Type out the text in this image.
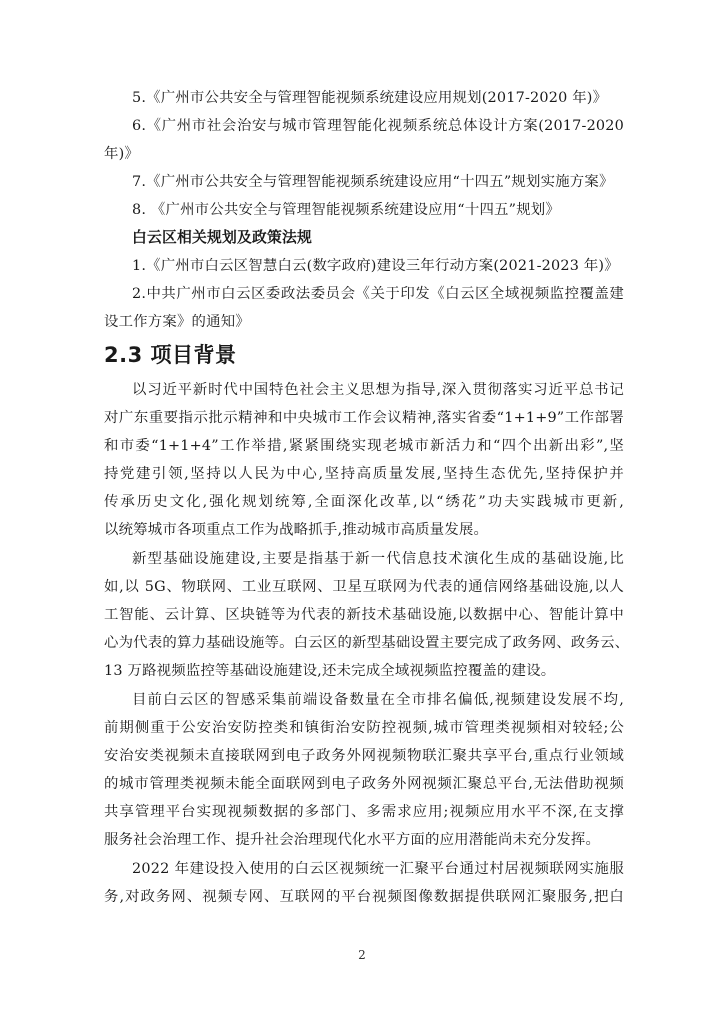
5.《广州市公共安全与管理智能视频系统建设应用规划(2017-2020 年)》
6.《广州市社会治安与城市管理智能化视频系统总体设计方案(2017-2020
年)》
7.《广州市公共安全与管理智能视频系统建设应用“十四五”规划实施方案》
8. 《广州市公共安全与管理智能视频系统建设应用“十四五”规划》
白云区相关规划及政策法规
1.《广州市白云区智慧白云(数字政府)建设三年行动方案(2021-2023 年)》
2.中共广州市白云区委政法委员会《关于印发《白云区全域视频监控覆盖建
设工作方案》的通知》
2.3 项目背景
以习近平新时代中国特色社会主义思想为指导,深入贯彻落实习近平总书记
对广东重要指示批示精神和中央城市工作会议精神,落实省委“1+1+9”工作部署
和市委“1+1+4”工作举措,紧紧围绕实现老城市新活力和“四个出新出彩”,坚
持党建引领,坚持以人民为中心,坚持高质量发展,坚持生态优先,坚持保护并
传承历史文化,强化规划统筹,全面深化改革,以“绣花”功夫实践城市更新,
以统筹城市各项重点工作为战略抓手,推动城市高质量发展。
新型基础设施建设,主要是指基于新一代信息技术演化生成的基础设施,比
如,以 5G、物联网、工业互联网、卫星互联网为代表的通信网络基础设施,以人
工智能、云计算、区块链等为代表的新技术基础设施,以数据中心、智能计算中
心为代表的算力基础设施等。白云区的新型基础设置主要完成了政务网、政务云、
13 万路视频监控等基础设施建设,还未完成全域视频监控覆盖的建设。
目前白云区的智感采集前端设备数量在全市排名偏低,视频建设发展不均,
前期侧重于公安治安防控类和镇街治安防控视频,城市管理类视频相对较轻;公
安治安类视频未直接联网到电子政务外网视频物联汇聚共享平台,重点行业领域
的城市管理类视频未能全面联网到电子政务外网视频汇聚总平台,无法借助视频
共享管理平台实现视频数据的多部门、多需求应用;视频应用水平不深,在支撑
服务社会治理工作、提升社会治理现代化水平方面的应用潜能尚未充分发挥。
2022 年建设投入使用的白云区视频统一汇聚平台通过村居视频联网实施服
务,对政务网、视频专网、互联网的平台视频图像数据提供联网汇聚服务,把白
2
